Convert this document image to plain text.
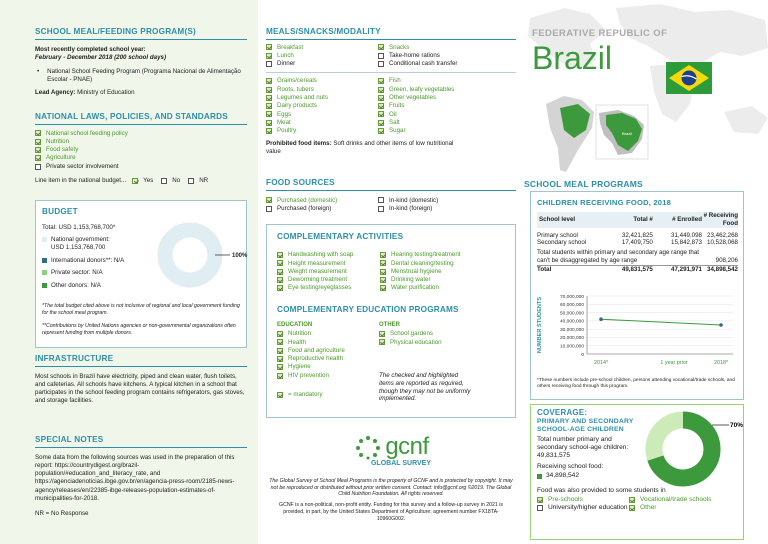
SCHOOL MEAL/FEEDING PROGRAM(S)
Most recently completed school year:
February - December 2018 (200 school days)
• National School Feeding Program (Programa Nacional de Alimentação Escolar - PNAE)
Lead Agency: Ministry of Education
NATIONAL LAWS, POLICIES, AND STANDARDS
National school feeding policy
Nutrition
Food safety
Agriculture
Private sector involvement
Line item in the national budget...	Yes	No	NR
BUDGET
Total: USD 1,153,768,700*
National government:
USD 1,153,768,700
International donors**: N/A
Private sector: N/A
Other donors: N/A
100%
*The total budget cited above is not inclusive of regional and local government funding for the school meal program.
**Contributions by United Nations agencies or non-governmental organizations often represent funding from multiple donors.
INFRASTRUCTURE
Most schools in Brazil have electricity, piped and clean water, flush toilets, and cafeterias. All schools have kitchens. A typical kitchen in a school that participates in the school feeding program contains refrigerators, gas stoves, and storage facilities.
SPECIAL NOTES
Some data from the following sources was used in the preparation of this report: https://countrydigest.org/brazil-population/#education_and_literacy_rate, and https://agenciadenoticias.ibge.gov.br/en/agencia-press-room/2185-news-agency/releases/en/22385-ibge-releases-population-estimates-of-municipalities-for-2018.
NR = No Response
MEALS/SNACKS/MODALITY
Breakfast
Lunch
Dinner
Snacks
Take-home rations
Conditional cash transfer
Grains/cereals
Roots, tubers
Legumes and nuts
Dairy products
Eggs
Meat
Poultry
Fish
Green, leafy vegetables
Other vegetables
Fruits
Oil
Salt
Sugar
Prohibited food items: Soft drinks and other items of low nutritional value
FOOD SOURCES
Purchased (domestic)
Purchased (foreign)
In-kind (domestic)
In-kind (foreign)
COMPLEMENTARY ACTIVITIES
Handwashing with soap
Height measurement
Weight measurement
Deworming treatment
Eye testing/eyeglasses
Hearing testing/treatment
Dental cleaning/testing
Menstrual hygiene
Drinking water
Water purification
COMPLEMENTARY EDUCATION PROGRAMS
EDUCATION	OTHER
Nutrition
Health
Food and agriculture
Reproductive health
Hygiene
HIV prevention
School gardens
Physical education
= mandatory
The checked and highlighted items are reported as required, though they may not be uniformly implemented.
gcnf
GLOBAL SURVEY
The Global Survey of School Meal Programs is the property of GCNF and is protected by copyright. It may not be reproduced or distributed without prior written consent. Contact: info@gcnf.org ©2019. The Global Child Nutrition Foundation. All rights reserved.
GCNF is a non-political, non-profit entity. Funding for this survey and a follow-up survey in 2021 is provided, in part, by the United States Department of Agriculture; agreement number FX18TA-10960G002.
Brazil
FEDERATIVE REPUBLIC OF
Brazil
SCHOOL MEAL PROGRAMS
CHILDREN RECEIVING FOOD, 2018
School level	Total #	# Enrolled	# Receiving Food

Primary school	32,421,825	31,449,098	23,462,268
Secondary school	17,409,750	15,842,873	10,528,068
Total students within primary and secondary age range that can't be disaggregated by age range			908,206
Total	49,831,575	47,291,971	34,898,542
NUMBER STUDENTS	70,000,000
60,000,000
50,000,000
40,000,000
30,000,000
20,000,000
10,000,000
0
2014*	1 year prior	2018*
*These numbers include pre-school children, persons attending vocational/trade schools, and others receiving food through this program.
COVERAGE:
PRIMARY AND SECONDARY SCHOOL-AGE CHILDREN
Total number primary and secondary school-age children: 49,831,575
Receiving school food:
34,898,542
70%
Food was also provided to some students in
Pre-schools	Vocational/trade schools
University/higher education Other
